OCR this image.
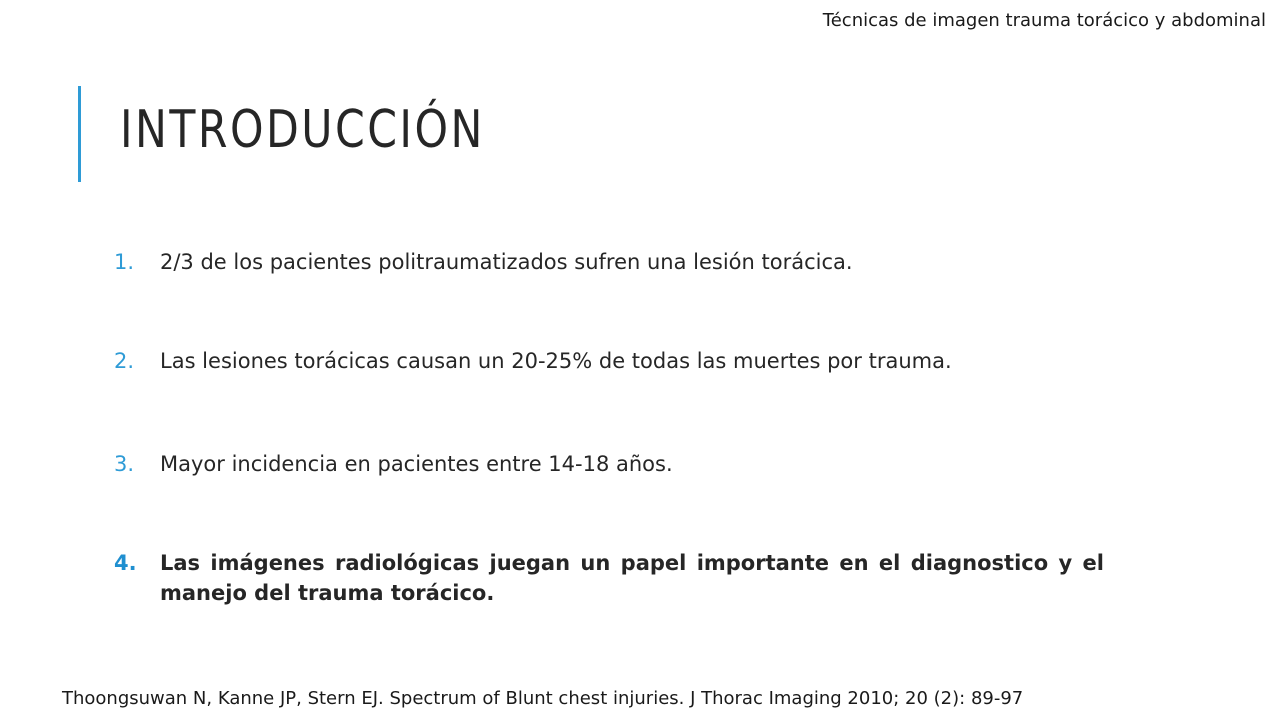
Técnicas de imagen trauma torácico y abdominal
INTRODUCCIÓN
1.	2/3 de los pacientes politraumatizados sufren una lesión torácica.
2.	Las lesiones torácicas causan un 20-25% de todas las muertes por trauma.
3.	Mayor incidencia en pacientes entre 14-18 años.
4.	Las imágenes radiológicas juegan un papel importante en el diagnostico y el manejo del trauma torácico.
Thoongsuwan N, Kanne JP, Stern EJ. Spectrum of Blunt chest injuries. J Thorac Imaging 2010; 20 (2): 89-97
